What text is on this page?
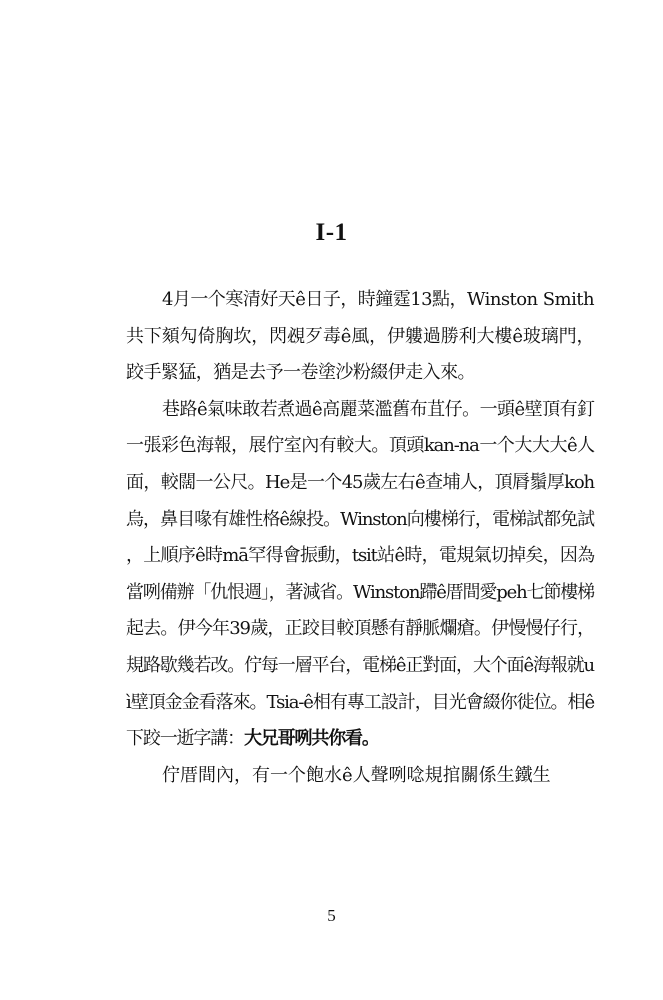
I-1

4月一个寒清好天ê日子，時鐘霆13點，Winston Smith共下頦勼倚胸坎，閃覕歹毒ê風，伊軁過勝利大樓ê玻璃門，跤手緊猛，猶是去予一卷塗沙粉綴伊走入來。

巷路ê氣味敢若煮過ê高麗菜濫舊布苴仔。一頭ê壁頂有釘一張彩色海報，展佇室內有較大。頂頭kan-na一个大大大ê人面，較闊一公尺。He是一个45歲左右ê查埔人，頂脣鬚厚koh烏，鼻目喙有雄性格ê線投。Winston向樓梯行，電梯試都免試，上順序ê時mā罕得會振動，tsit站ê時，電規氣切掉矣，因為當咧備辦「仇恨週」，著減省。Winston蹛ê厝間愛peh七節樓梯起去。伊今年39歲，正跤目較頂懸有靜脈爛瘡。伊慢慢仔行，規路歇幾若改。佇每一層平台，電梯ê正對面，大个面ê海報就uì壁頂金金看落來。Tsia-ê相有專工設計，目光會綴你徙位。相ê下跤一逝字講：大兄哥咧共你看。

佇厝間內，有一个飽水ê人聲咧唸規捾關係生鐵生

5
